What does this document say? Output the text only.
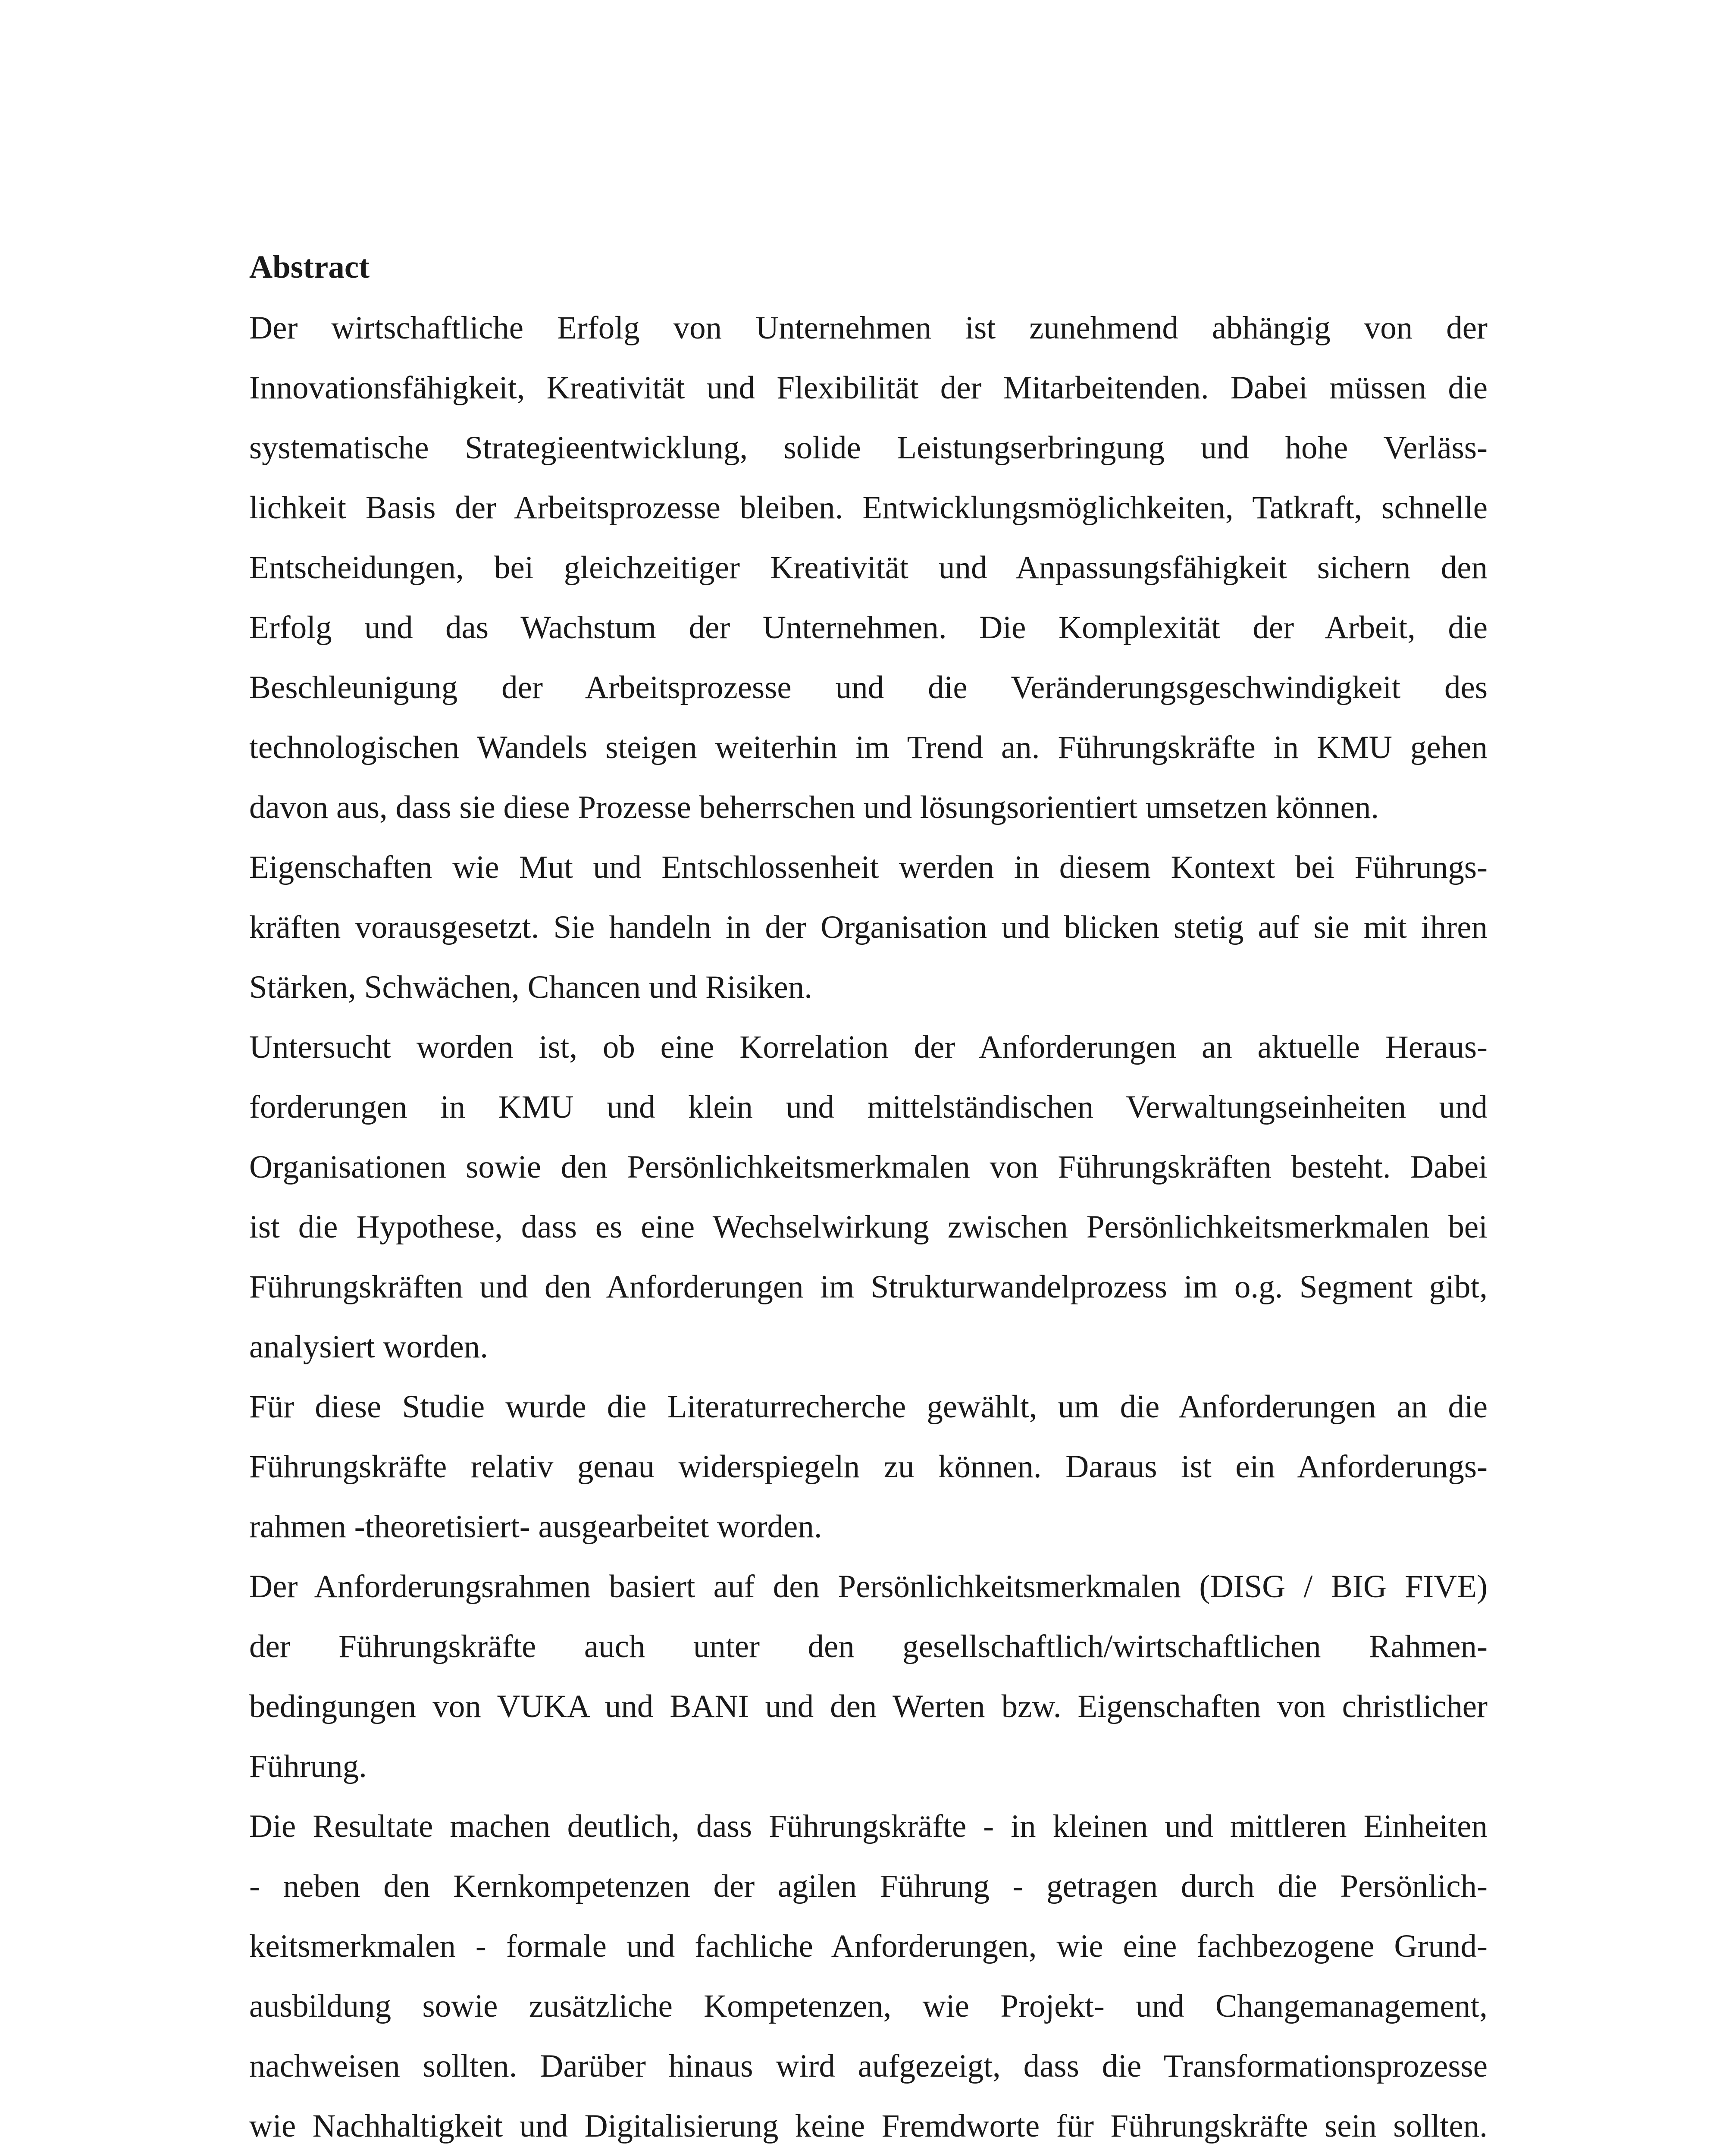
Abstract

Der wirtschaftliche Erfolg von Unternehmen ist zunehmend abhängig von der

Innovationsfähigkeit, Kreativität und Flexibilität der Mitarbeitenden. Dabei müssen die

systematische Strategieentwicklung, solide Leistungserbringung und hohe Verläss-

lichkeit Basis der Arbeitsprozesse bleiben. Entwicklungsmöglichkeiten, Tatkraft, schnelle

Entscheidungen, bei gleichzeitiger Kreativität und Anpassungsfähigkeit sichern den

Erfolg und das Wachstum der Unternehmen. Die Komplexität der Arbeit, die

Beschleunigung der Arbeitsprozesse und die Veränderungsgeschwindigkeit des

technologischen Wandels steigen weiterhin im Trend an. Führungskräfte in KMU gehen

davon aus, dass sie diese Prozesse beherrschen und lösungsorientiert umsetzen können.

Eigenschaften wie Mut und Entschlossenheit werden in diesem Kontext bei Führungs-

kräften vorausgesetzt. Sie handeln in der Organisation und blicken stetig auf sie mit ihren

Stärken, Schwächen, Chancen und Risiken.

Untersucht worden ist, ob eine Korrelation der Anforderungen an aktuelle Heraus-

forderungen in KMU und klein und mittelständischen Verwaltungseinheiten und

Organisationen sowie den Persönlichkeitsmerkmalen von Führungskräften besteht. Dabei

ist die Hypothese, dass es eine Wechselwirkung zwischen Persönlichkeitsmerkmalen bei

Führungskräften und den Anforderungen im Strukturwandelprozess im o.g. Segment gibt,

analysiert worden.

Für diese Studie wurde die Literaturrecherche gewählt, um die Anforderungen an die

Führungskräfte relativ genau widerspiegeln zu können. Daraus ist ein Anforderungs-

rahmen -theoretisiert- ausgearbeitet worden.

Der Anforderungsrahmen basiert auf den Persönlichkeitsmerkmalen (DISG / BIG FIVE)

der Führungskräfte auch unter den gesellschaftlich/wirtschaftlichen Rahmen-

bedingungen von VUKA und BANI und den Werten bzw. Eigenschaften von christlicher

Führung.

Die Resultate machen deutlich, dass Führungskräfte - in kleinen und mittleren Einheiten

- neben den Kernkompetenzen der agilen Führung - getragen durch die Persönlich-

keitsmerkmalen - formale und fachliche Anforderungen, wie eine fachbezogene Grund-

ausbildung sowie zusätzliche Kompetenzen, wie Projekt- und Changemanagement,

nachweisen sollten. Darüber hinaus wird aufgezeigt, dass die Transformationsprozesse

wie Nachhaltigkeit und Digitalisierung keine Fremdworte für Führungskräfte sein sollten.
